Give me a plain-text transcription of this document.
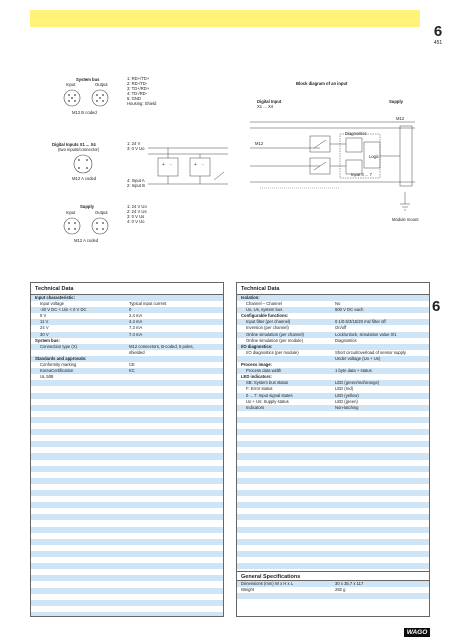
6
451
6
System bus
Input	Output
M12 B coded
1: RD+/TD+
2: RD-/TD-
3: TD+/RD+
4: TD-/RD-
5: GND
Housing: Shield
Digital Inputs X1 ... X4
(two inputs/connector)
M12 A coded
1: 24 V
3: 0 V Uo
4: Input A
2: Input B
+ -	+ -
Supply
Input	Output
M12 A coded
1: 24 V Uo
2: 24 V Us
3: 0 V Us
4: 0 V Uo
Block diagram of an input
Digital Input
X1 ... X4
Supply
M12
M12
Diagnostics
Logic
Input 0 ... 7
Module mount
Technical Data
Input characteristic:
Input voltage	Typical input current
-30 V DC < Uin < 0 V DC	0
5 V	2.4 mA
11 V	4.4 mA
24 V	7.3 mA
30 V	7.4 mA
System bus:
Connection type (X)	M12 connectors, B-coded, 5 poles,
shielded
Standards and approvals:
Conformity marking	CE
KoreaCertification	KC
UL 508
Technical Data
Isolation:
Channel – Channel	No
Uo, Us, system bus	500 V DC each
Configurable functions:
Input filter (per channel)	0.1/0.5/3/15/20 ms/ filter off
Inversion (per channel)	On/off
Online simulation (per channel)	Lock/unlock, simulation value 0/1
Online simulation (per module)	Diagnostics
I/O diagnostics:
I/O diagnostics (per module)	Short circuit/overload of sensor supply
Under voltage (Uo + Us)
Process image:
Process data width	1 byte data + status
LED indicators:
SB: System bus status	LED (green/red/orange)
F: Error status	LED (red)
0 ... 7: Input signal states	LED (yellow)
Uo + Us: Supply status	LED (green)
Indicators	Non-latching
General Specifications
Dimensions (mm) W x H x L	30 x 35.7 x 117
Weight	282 g
WAGO
